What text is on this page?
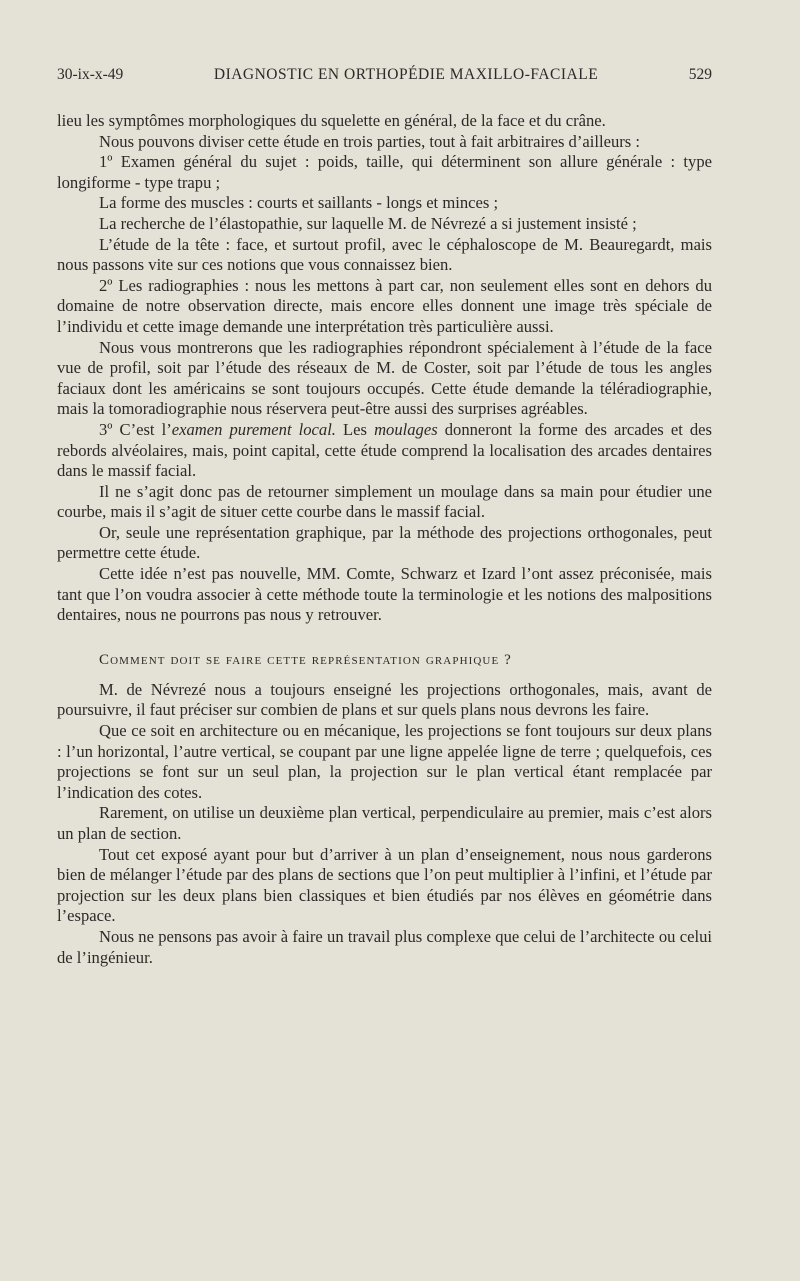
30-ix-x-49	DIAGNOSTIC EN ORTHOPÉDIE MAXILLO-FACIALE	529

lieu les symptômes morphologiques du squelette en général, de la face et du crâne.

Nous pouvons diviser cette étude en trois parties, tout à fait arbitraires d’ailleurs :

1º Examen général du sujet : poids, taille, qui déterminent son allure générale : type longiforme - type trapu ;

La forme des muscles : courts et saillants - longs et minces ;

La recherche de l’élastopathie, sur laquelle M. de Névrezé a si justement insisté ;

L’étude de la tête : face, et surtout profil, avec le céphaloscope de M. Beauregardt, mais nous passons vite sur ces notions que vous connaissez bien.

2º Les radiographies : nous les mettons à part car, non seulement elles sont en dehors du domaine de notre observation directe, mais encore elles donnent une image très spéciale de l’individu et cette image demande une interprétation très particulière aussi.

Nous vous montrerons que les radiographies répondront spécialement à l’étude de la face vue de profil, soit par l’étude des réseaux de M. de Coster, soit par l’étude de tous les angles faciaux dont les américains se sont toujours occupés. Cette étude demande la téléradiographie, mais la tomoradiographie nous réservera peut-être aussi des surprises agréables.

3º C’est l’examen purement local. Les moulages donneront la forme des arcades et des rebords alvéolaires, mais, point capital, cette étude comprend la localisation des arcades dentaires dans le massif facial.

Il ne s’agit donc pas de retourner simplement un moulage dans sa main pour étudier une courbe, mais il s’agit de situer cette courbe dans le massif facial.

Or, seule une représentation graphique, par la méthode des projections orthogonales, peut permettre cette étude.

Cette idée n’est pas nouvelle, MM. Comte, Schwarz et Izard l’ont assez préconisée, mais tant que l’on voudra associer à cette méthode toute la terminologie et les notions des malpositions dentaires, nous ne pourrons pas nous y retrouver.

Comment doit se faire cette représentation graphique ?

M. de Névrezé nous a toujours enseigné les projections orthogonales, mais, avant de poursuivre, il faut préciser sur combien de plans et sur quels plans nous devrons les faire.

Que ce soit en architecture ou en mécanique, les projections se font toujours sur deux plans : l’un horizontal, l’autre vertical, se coupant par une ligne appelée ligne de terre ; quelquefois, ces projections se font sur un seul plan, la projection sur le plan vertical étant remplacée par l’indication des cotes.

Rarement, on utilise un deuxième plan vertical, perpendiculaire au premier, mais c’est alors un plan de section.

Tout cet exposé ayant pour but d’arriver à un plan d’enseignement, nous nous garderons bien de mélanger l’étude par des plans de sections que l’on peut multiplier à l’infini, et l’étude par projection sur les deux plans bien classiques et bien étudiés par nos élèves en géométrie dans l’espace.

Nous ne pensons pas avoir à faire un travail plus complexe que celui de l’architecte ou celui de l’ingénieur.
